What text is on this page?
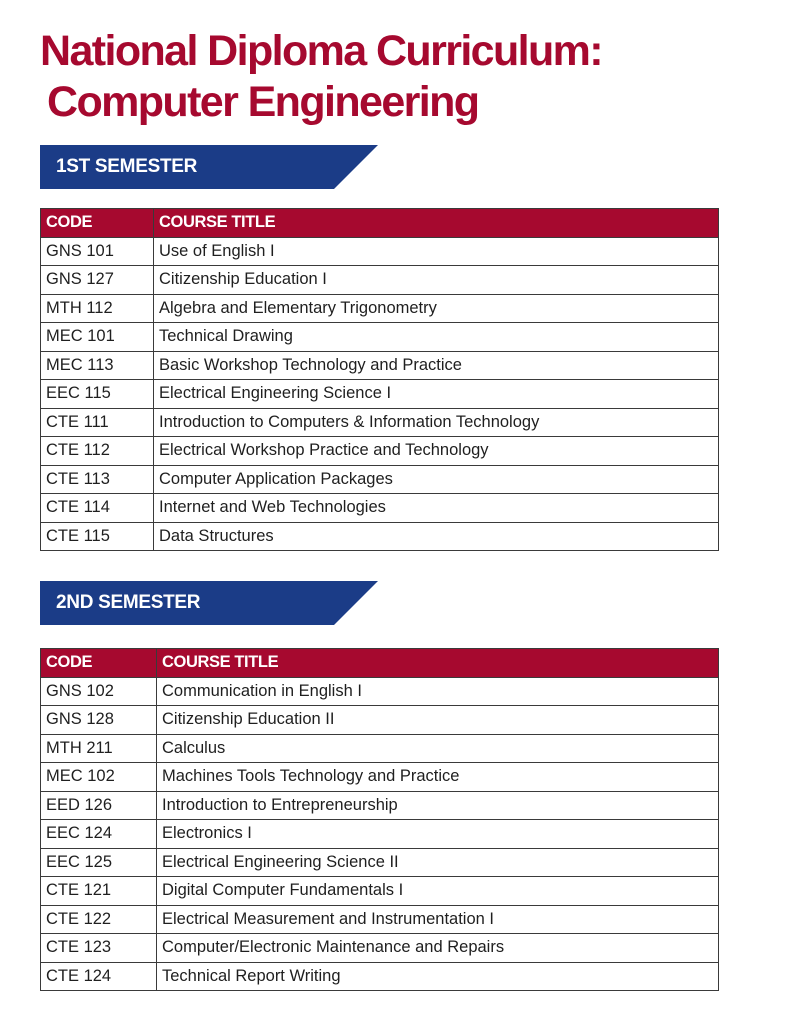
National Diploma Curriculum:
Computer Engineering
1ST SEMESTER
CODE	COURSE TITLE
GNS 101	Use of English I
GNS 127	Citizenship Education I
MTH 112	Algebra and Elementary Trigonometry
MEC 101	Technical Drawing
MEC 113	Basic Workshop Technology and Practice
EEC 115	Electrical Engineering Science I
CTE 111	Introduction to Computers & Information Technology
CTE 112	Electrical Workshop Practice and Technology
CTE 113	Computer Application Packages
CTE 114	Internet and Web Technologies
CTE 115	Data Structures
2ND SEMESTER
CODE	COURSE TITLE
GNS 102	Communication in English I
GNS 128	Citizenship Education II
MTH 211	Calculus
MEC 102	Machines Tools Technology and Practice
EED 126	Introduction to Entrepreneurship
EEC 124	Electronics I
EEC 125	Electrical Engineering Science II
CTE 121	Digital Computer Fundamentals I
CTE 122	Electrical Measurement and Instrumentation I
CTE 123	Computer/Electronic Maintenance and Repairs
CTE 124	Technical Report Writing
